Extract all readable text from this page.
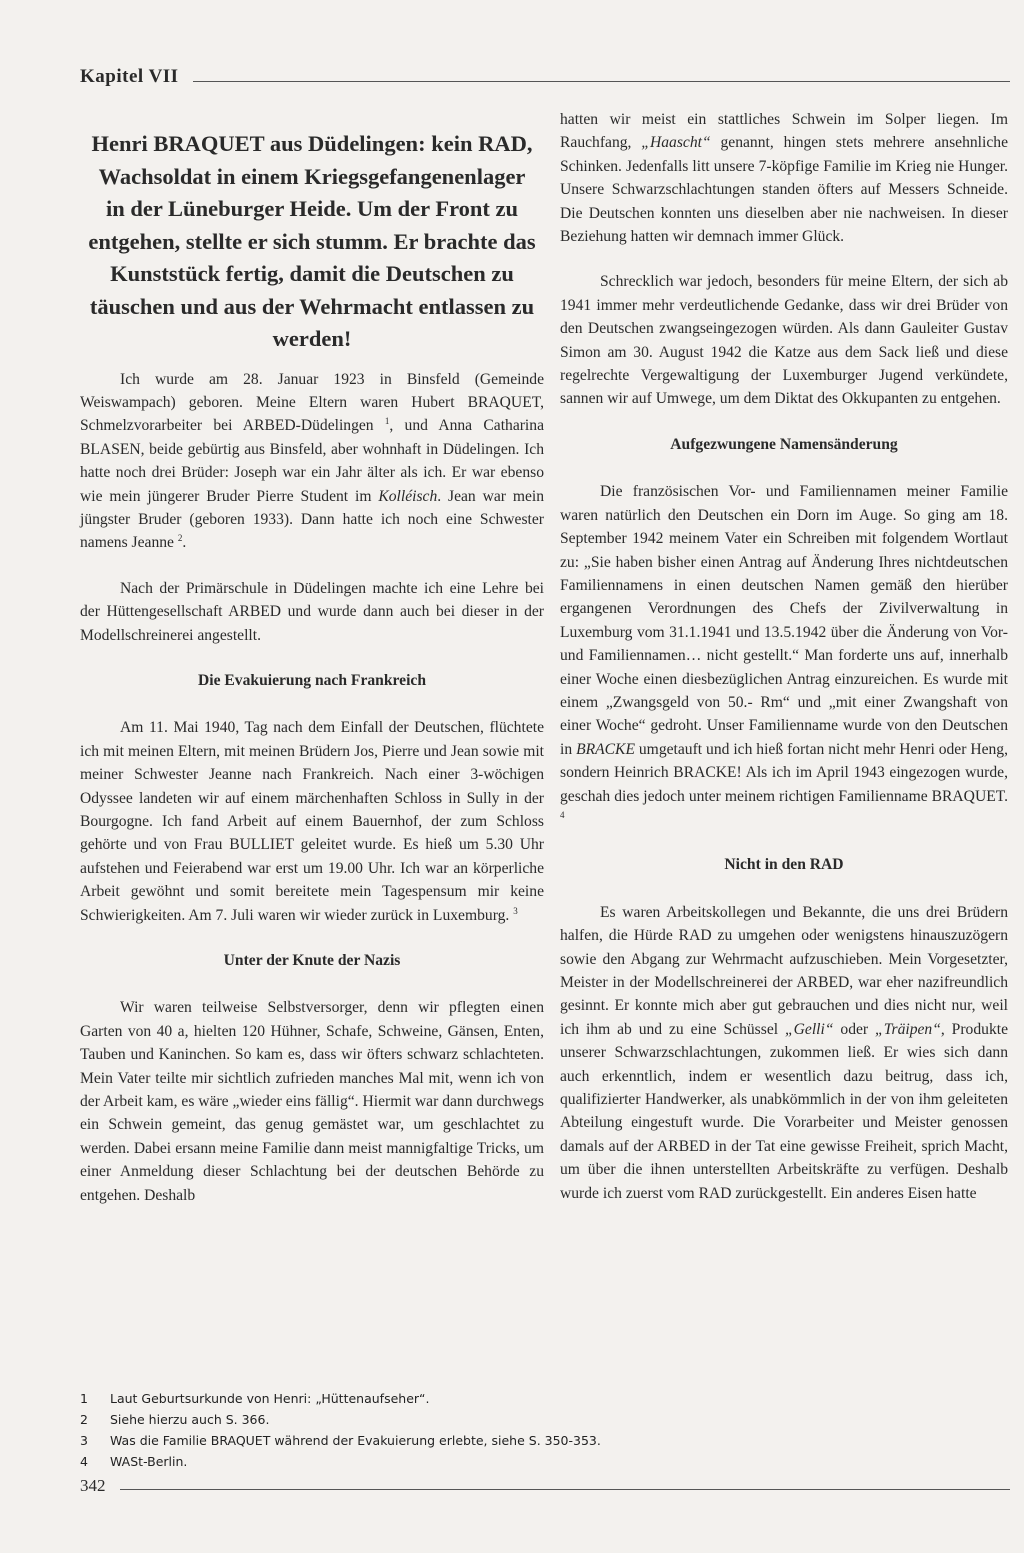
Kapitel VII
Henri BRAQUET aus Düdelingen: kein RAD, Wachsoldat in einem Kriegsgefangenenlager in der Lüneburger Heide. Um der Front zu entgehen, stellte er sich stumm. Er brachte das Kunststück fertig, damit die Deutschen zu täuschen und aus der Wehrmacht entlassen zu werden!

Ich wurde am 28. Januar 1923 in Binsfeld (Gemeinde Weiswampach) geboren. Meine Eltern waren Hubert BRAQUET, Schmelzvorarbeiter bei ARBED-Düdelingen $^1$, und Anna Catharina BLASEN, beide gebürtig aus Binsfeld, aber wohnhaft in Düdelingen. Ich hatte noch drei Brüder: Joseph war ein Jahr älter als ich. Er war ebenso wie mein jüngerer Bruder Pierre Student im Kolléisch. Jean war mein jüngster Bruder (geboren 1933). Dann hatte ich noch eine Schwester namens Jeanne $^2$.

Nach der Primärschule in Düdelingen machte ich eine Lehre bei der Hüttengesellschaft ARBED und wurde dann auch bei dieser in der Modellschreinerei angestellt.

Die Evakuierung nach Frankreich

Am 11. Mai 1940, Tag nach dem Einfall der Deutschen, flüchtete ich mit meinen Eltern, mit meinen Brüdern Jos, Pierre und Jean sowie mit meiner Schwester Jeanne nach Frankreich. Nach einer 3-wöchigen Odyssee landeten wir auf einem märchenhaften Schloss in Sully in der Bourgogne. Ich fand Arbeit auf einem Bauernhof, der zum Schloss gehörte und von Frau BULLIET geleitet wurde. Es hieß um 5.30 Uhr aufstehen und Feierabend war erst um 19.00 Uhr. Ich war an körperliche Arbeit gewöhnt und somit bereitete mein Tagespensum mir keine Schwierigkeiten. Am 7. Juli waren wir wieder zurück in Luxemburg. $^3$

Unter der Knute der Nazis

Wir waren teilweise Selbstversorger, denn wir pflegten einen Garten von 40 a, hielten 120 Hühner, Schafe, Schweine, Gänsen, Enten, Tauben und Kaninchen. So kam es, dass wir öfters schwarz schlachteten. Mein Vater teilte mir sichtlich zufrieden manches Mal mit, wenn ich von der Arbeit kam, es wäre „wieder eins fällig“. Hiermit war dann durchwegs ein Schwein gemeint, das genug gemästet war, um geschlachtet zu werden. Dabei ersann meine Familie dann meist mannigfaltige Tricks, um einer Anmeldung dieser Schlachtung bei der deutschen Behörde zu entgehen. Deshalb

hatten wir meist ein stattliches Schwein im Solper liegen. Im Rauchfang, „Haascht“ genannt, hingen stets mehrere ansehnliche Schinken. Jedenfalls litt unsere 7-köpfige Familie im Krieg nie Hunger. Unsere Schwarzschlachtungen standen öfters auf Messers Schneide. Die Deutschen konnten uns dieselben aber nie nachweisen. In dieser Beziehung hatten wir demnach immer Glück.

Schrecklich war jedoch, besonders für meine Eltern, der sich ab 1941 immer mehr verdeutlichende Gedanke, dass wir drei Brüder von den Deutschen zwangseingezogen würden. Als dann Gauleiter Gustav Simon am 30. August 1942 die Katze aus dem Sack ließ und diese regelrechte Vergewaltigung der Luxemburger Jugend verkündete, sannen wir auf Umwege, um dem Diktat des Okkupanten zu entgehen.

Aufgezwungene Namensänderung

Die französischen Vor- und Familiennamen meiner Familie waren natürlich den Deutschen ein Dorn im Auge. So ging am 18. September 1942 meinem Vater ein Schreiben mit folgendem Wortlaut zu: „Sie haben bisher einen Antrag auf Änderung Ihres nichtdeutschen Familiennamens in einen deutschen Namen gemäß den hierüber ergangenen Verordnungen des Chefs der Zivilverwaltung in Luxemburg vom 31.1.1941 und 13.5.1942 über die Änderung von Vor- und Familiennamen… nicht gestellt.“ Man forderte uns auf, innerhalb einer Woche einen diesbezüglichen Antrag einzureichen. Es wurde mit einem „Zwangsgeld von 50.- Rm“ und „mit einer Zwangshaft von einer Woche“ gedroht. Unser Familienname wurde von den Deutschen in BRACKE umgetauft und ich hieß fortan nicht mehr Henri oder Heng, sondern Heinrich BRACKE! Als ich im April 1943 eingezogen wurde, geschah dies jedoch unter meinem richtigen Familienname BRAQUET. $^4$

Nicht in den RAD

Es waren Arbeitskollegen und Bekannte, die uns drei Brüdern halfen, die Hürde RAD zu umgehen oder wenigstens hinauszuzögern sowie den Abgang zur Wehrmacht aufzuschieben. Mein Vorgesetzter, Meister in der Modellschreinerei der ARBED, war eher nazifreundlich gesinnt. Er konnte mich aber gut gebrauchen und dies nicht nur, weil ich ihm ab und zu eine Schüssel „Gelli“ oder „Träipen“, Produkte unserer Schwarzschlachtungen, zukommen ließ. Er wies sich dann auch erkenntlich, indem er wesentlich dazu beitrug, dass ich, qualifizierter Handwerker, als unabkömmlich in der von ihm geleiteten Abteilung eingestuft wurde. Die Vorarbeiter und Meister genossen damals auf der ARBED in der Tat eine gewisse Freiheit, sprich Macht, um über die ihnen unterstellten Arbeitskräfte zu verfügen. Deshalb wurde ich zuerst vom RAD zurückgestellt. Ein anderes Eisen hatte

1	Laut Geburtsurkunde von Henri: „Hüttenaufseher“.
2	Siehe hierzu auch S. 366.
3	Was die Familie BRAQUET während der Evakuierung erlebte, siehe S. 350-353.
4	WASt-Berlin.
342
